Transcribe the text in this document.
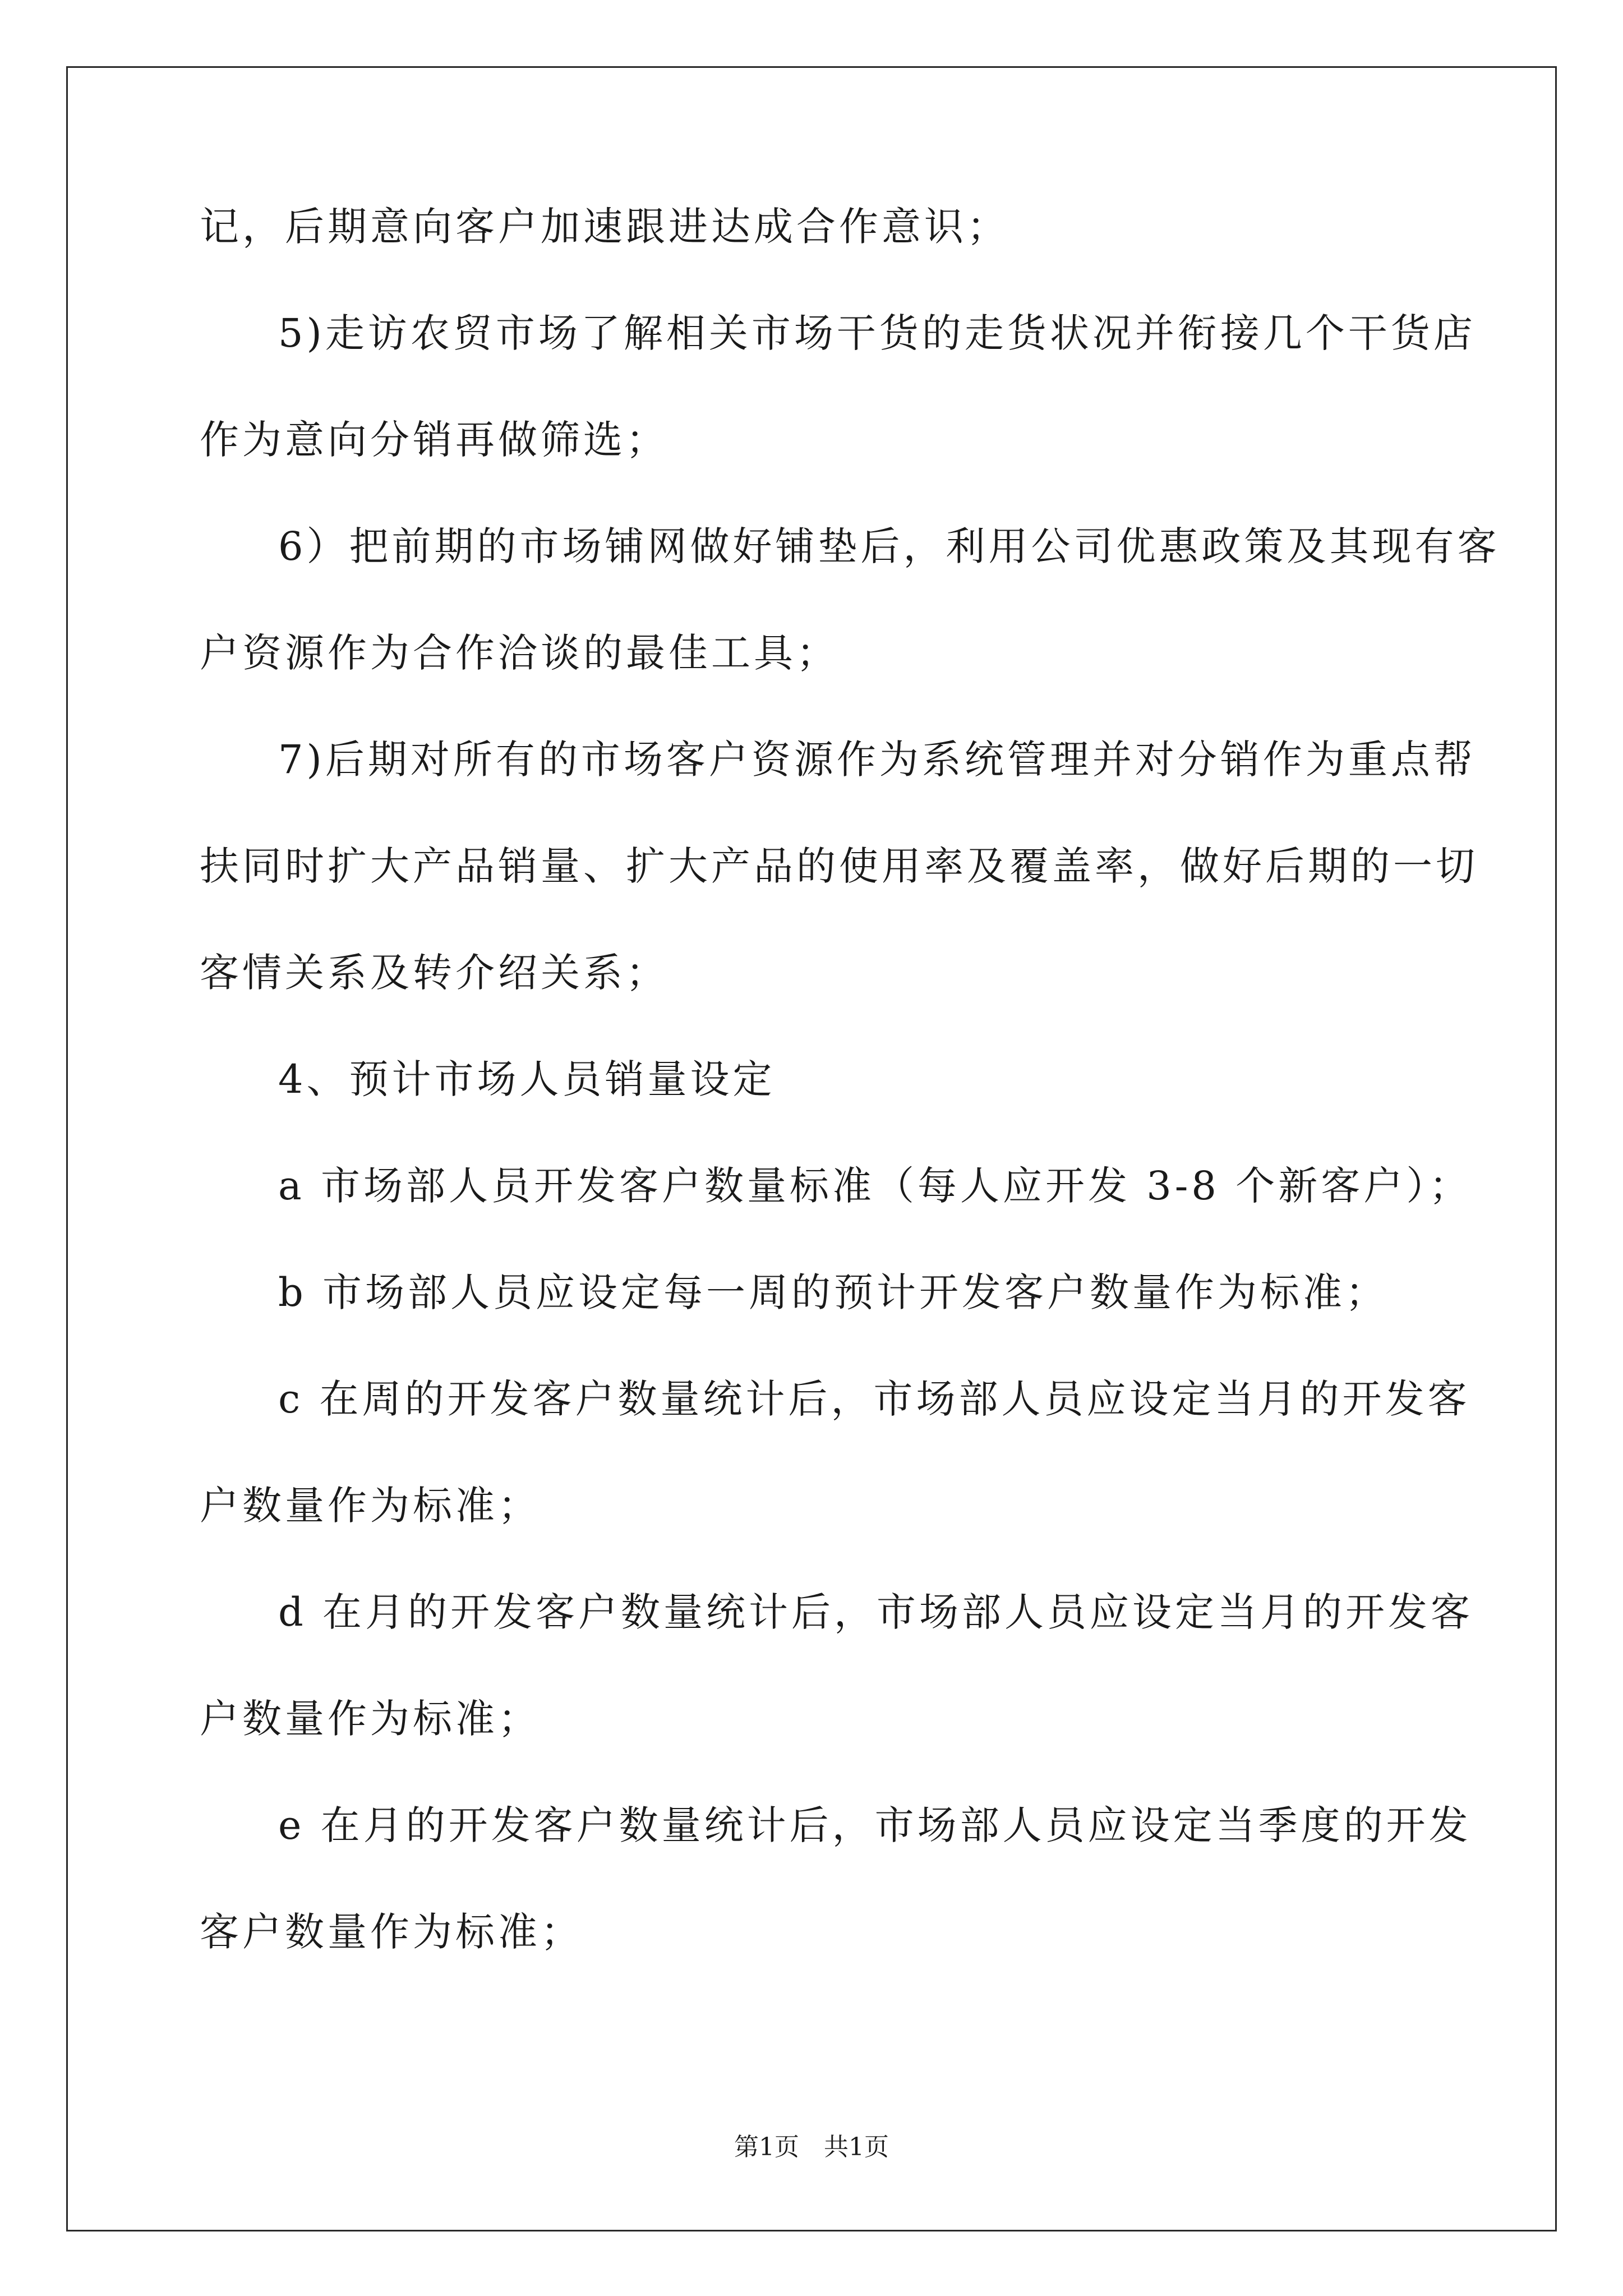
记，后期意向客户加速跟进达成合作意识；
5)走访农贸市场了解相关市场干货的走货状况并衔接几个干货店
作为意向分销再做筛选；
6）把前期的市场铺网做好铺垫后，利用公司优惠政策及其现有客
户资源作为合作洽谈的最佳工具；
7)后期对所有的市场客户资源作为系统管理并对分销作为重点帮
扶同时扩大产品销量、扩大产品的使用率及覆盖率，做好后期的一切
客情关系及转介绍关系；
4、预计市场人员销量设定
a 市场部人员开发客户数量标准（每人应开发 3-8 个新客户）；
b 市场部人员应设定每一周的预计开发客户数量作为标准；
c 在周的开发客户数量统计后，市场部人员应设定当月的开发客
户数量作为标准；
d 在月的开发客户数量统计后，市场部人员应设定当月的开发客
户数量作为标准；
e 在月的开发客户数量统计后，市场部人员应设定当季度的开发
客户数量作为标准；
第1页　共1页
